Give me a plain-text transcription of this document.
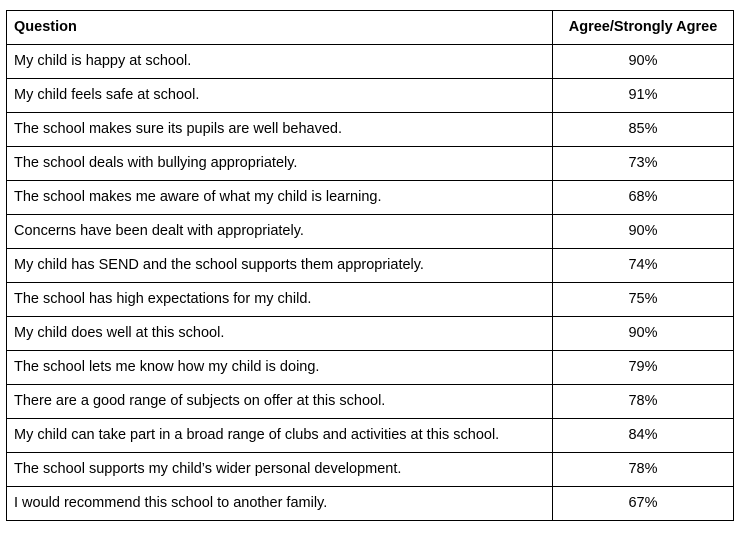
Question	Agree/Strongly Agree
My child is happy at school.	90%
My child feels safe at school.	91%
The school makes sure its pupils are well behaved.	85%
The school deals with bullying appropriately.	73%
The school makes me aware of what my child is learning.	68%
Concerns have been dealt with appropriately.	90%
My child has SEND and the school supports them appropriately.	74%
The school has high expectations for my child.	75%
My child does well at this school.	90%
The school lets me know how my child is doing.	79%
There are a good range of subjects on offer at this school.	78%
My child can take part in a broad range of clubs and activities at this school.	84%
The school supports my child’s wider personal development.	78%
I would recommend this school to another family.	67%
